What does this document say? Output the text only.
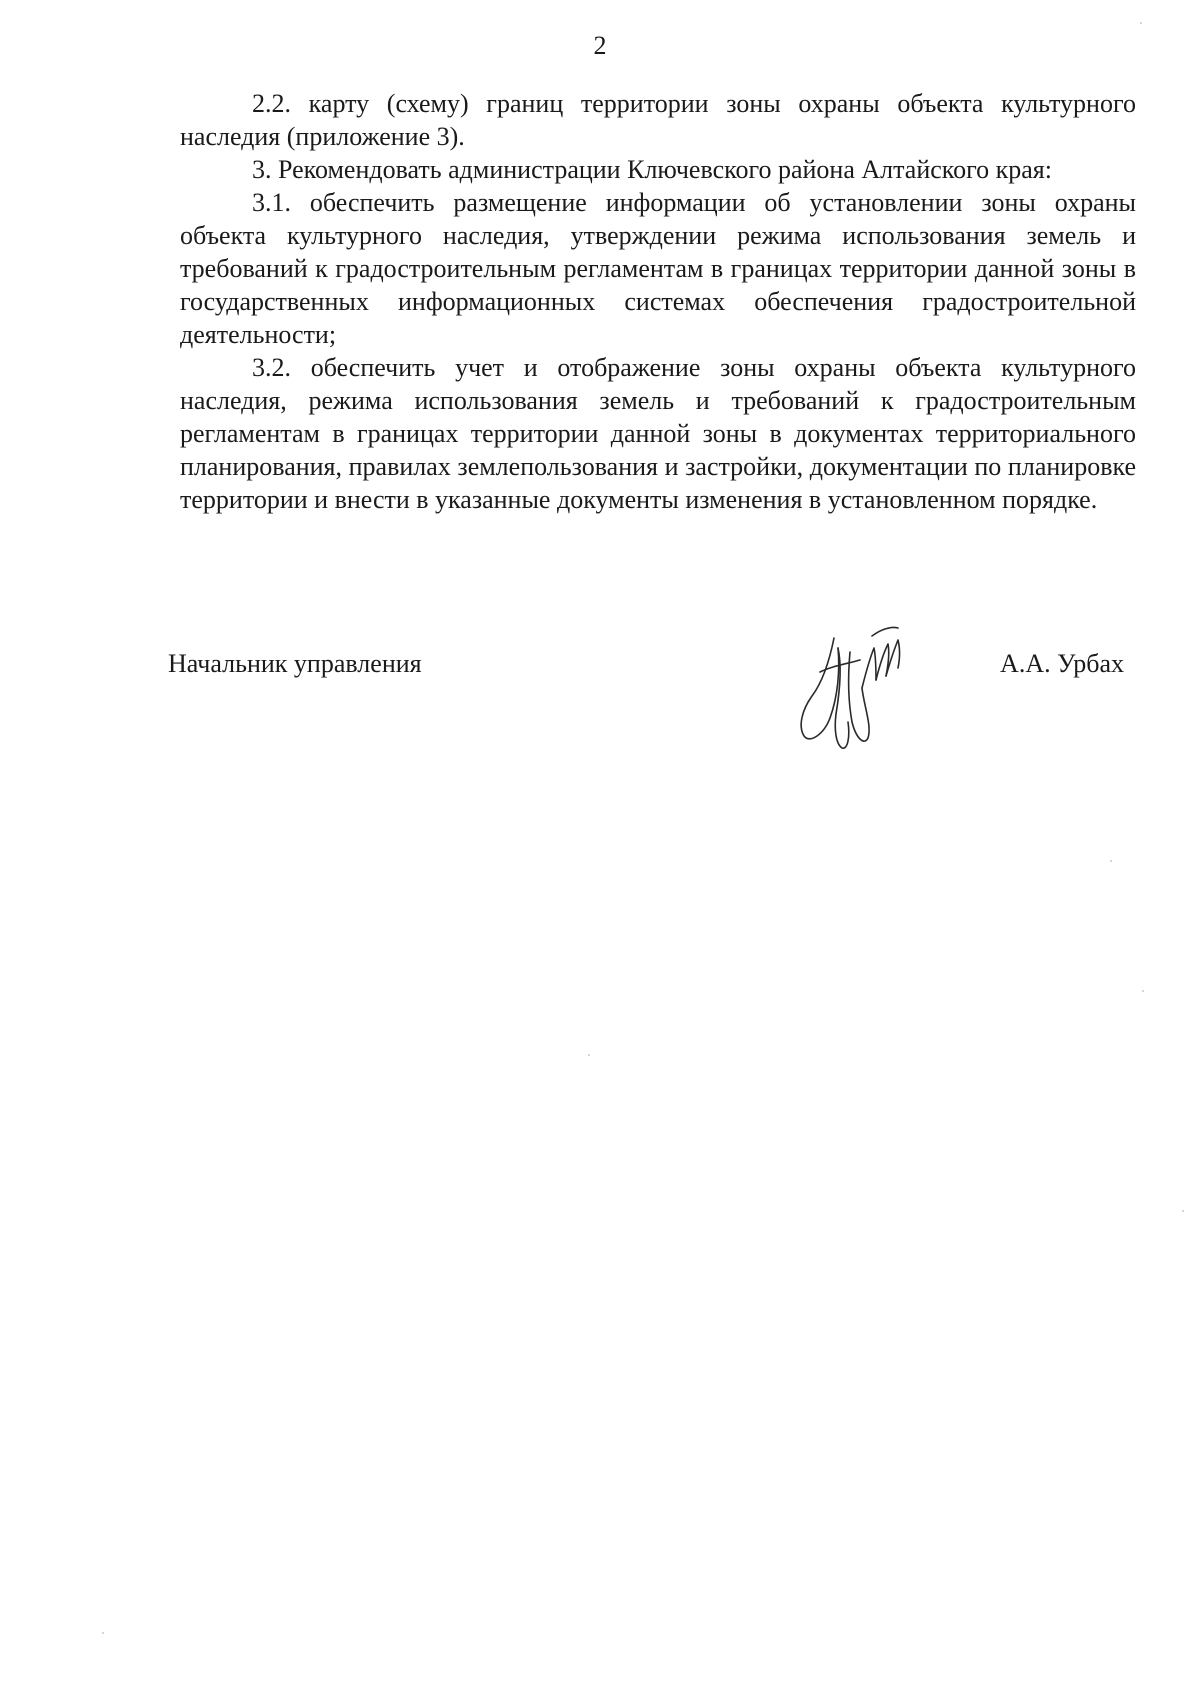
2

2.2. карту (схему) границ территории зоны охраны объекта культурного наследия (приложение 3).

3. Рекомендовать администрации Ключевского района Алтайского края:

3.1. обеспечить размещение информации об установлении зоны охраны объекта культурного наследия, утверждении режима использования земель и требований к градостроительным регламентам в границах территории данной зоны в государственных информационных системах обеспечения градостроительной деятельности;

3.2. обеспечить учет и отображение зоны охраны объекта культурного наследия, режима использования земель и требований к градостроительным регламентам в границах территории данной зоны в документах территориального планирования, правилах землепользования и застройки, документации по планировке территории и внести в указанные документы изменения в установленном порядке.

Начальник управления	А.А. Урбах
